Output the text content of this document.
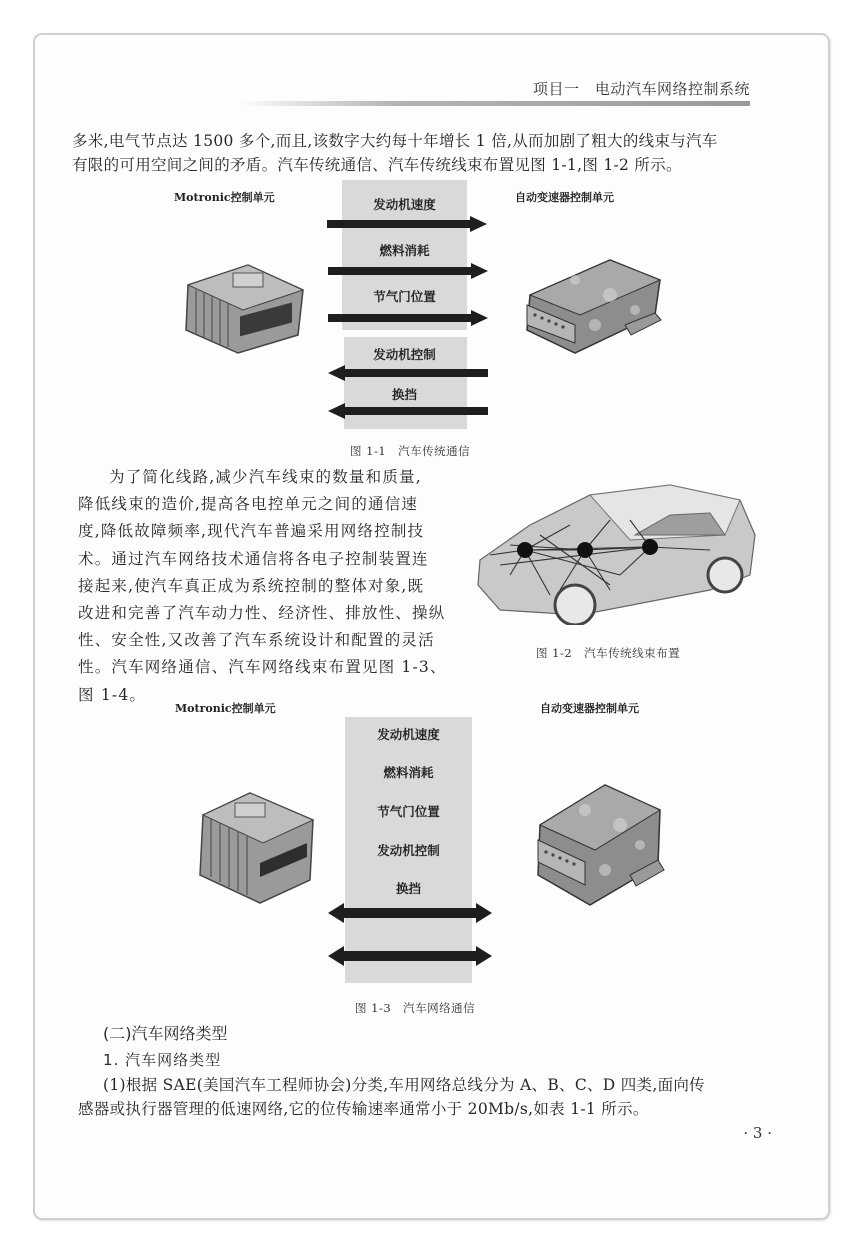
项目一　电动汽车网络控制系统
多米,电气节点达 1500 多个,而且,该数字大约每十年增长 1 倍,从而加剧了粗大的线束与汽车
有限的可用空间之间的矛盾。汽车传统通信、汽车传统线束布置见图 1-1,图 1-2 所示。
Motronic控制单元	自动变速器控制单元
发动机速度
燃料消耗
节气门位置
发动机控制
换挡
图 1-1　汽车传统通信
为了简化线路,减少汽车线束的数量和质量,
降低线束的造价,提高各电控单元之间的通信速
度,降低故障频率,现代汽车普遍采用网络控制技
术。通过汽车网络技术通信将各电子控制装置连
接起来,使汽车真正成为系统控制的整体对象,既
改进和完善了汽车动力性、经济性、排放性、操纵
性、安全性,又改善了汽车系统设计和配置的灵活
性。汽车网络通信、汽车网络线束布置见图 1-3、
图 1-4。
图 1-2　汽车传统线束布置
Motronic控制单元	自动变速器控制单元
发动机速度
燃料消耗
节气门位置
发动机控制
换挡
图 1-3　汽车网络通信
(二)汽车网络类型
1. 汽车网络类型
(1)根据 SAE(美国汽车工程师协会)分类,车用网络总线分为 A、B、C、D 四类,面向传
感器或执行器管理的低速网络,它的位传输速率通常小于 20Mb/s,如表 1-1 所示。
· 3 ·
